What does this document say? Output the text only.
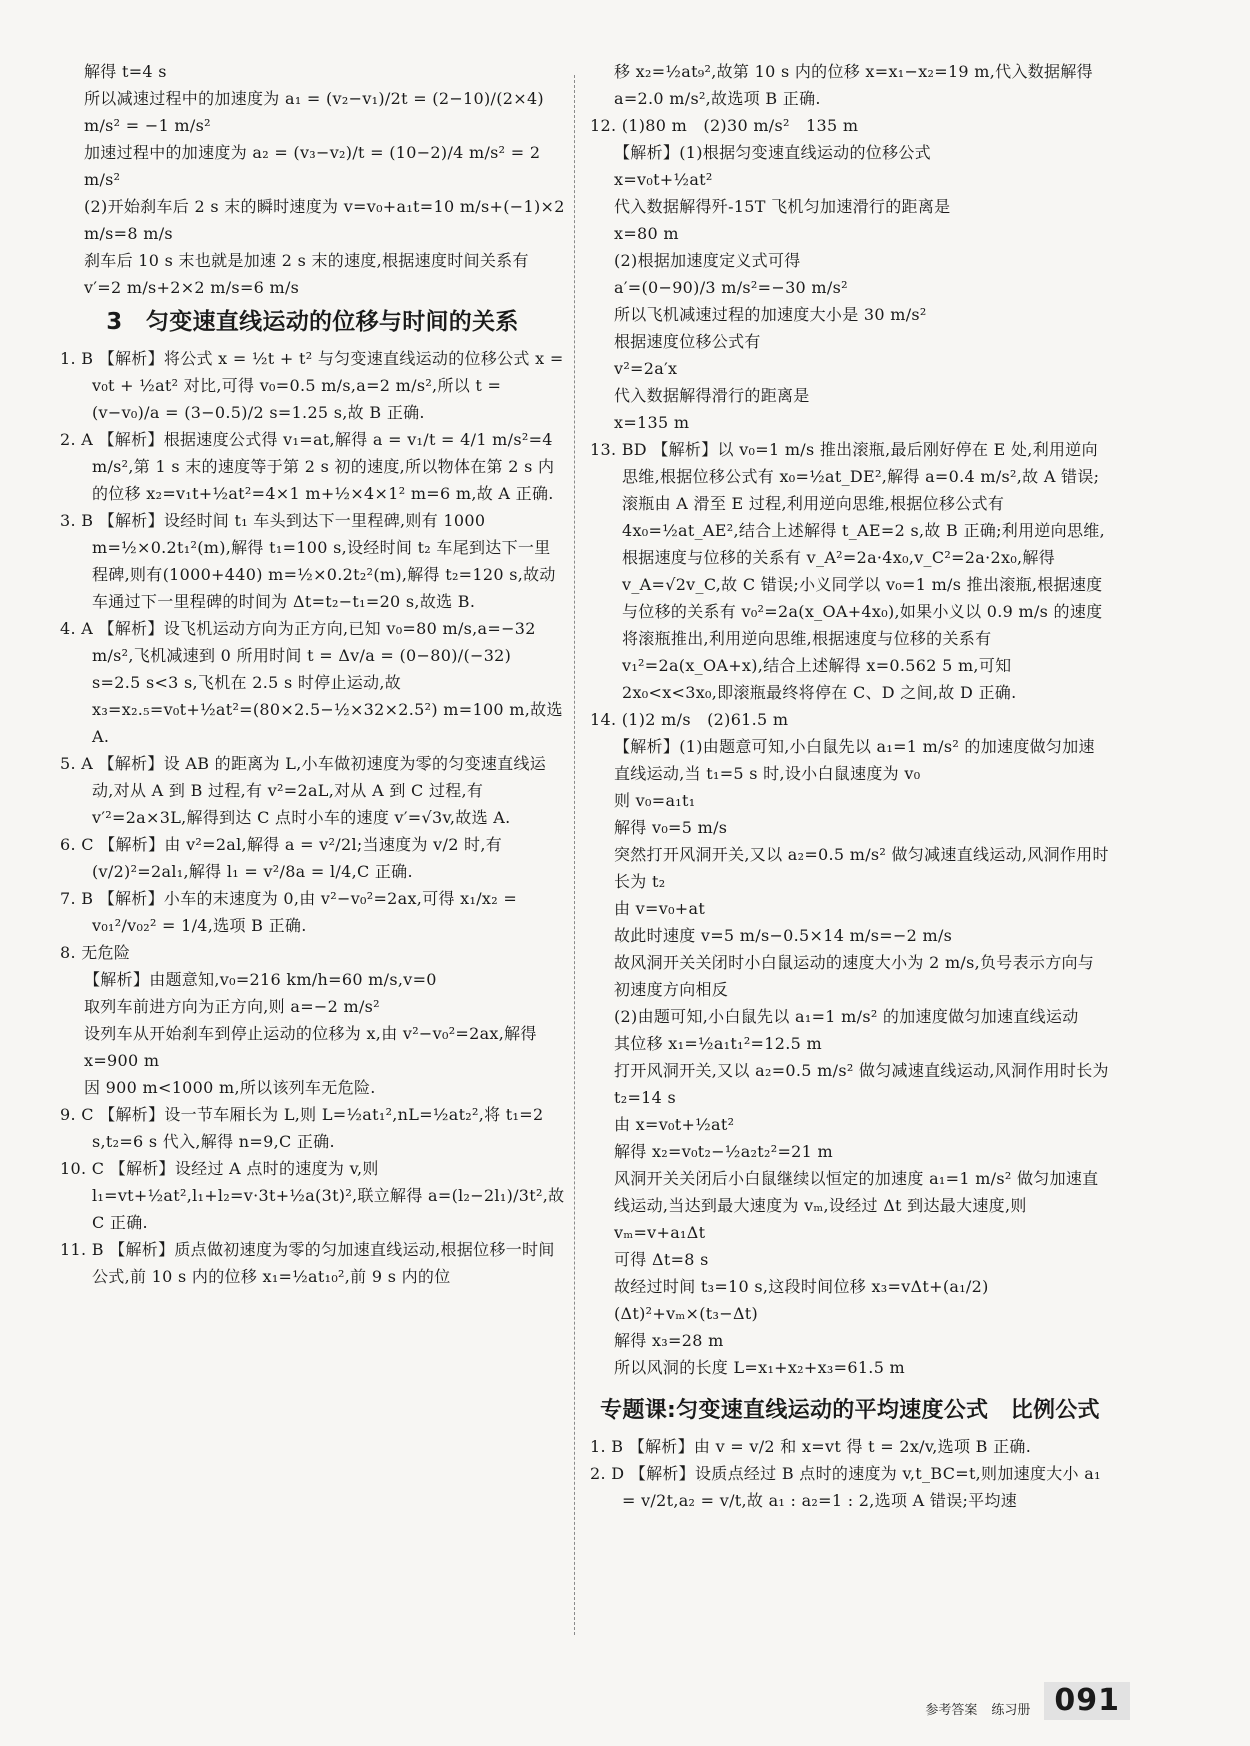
解得 t=4 s
所以减速过程中的加速度为 a₁ = (v₂−v₁)/2t = (2−10)/(2×4) m/s² = −1 m/s²
加速过程中的加速度为 a₂ = (v₃−v₂)/t = (10−2)/4 m/s² = 2 m/s²
(2)开始刹车后 2 s 末的瞬时速度为 v=v₀+a₁t=10 m/s+(−1)×2 m/s=8 m/s
刹车后 10 s 末也就是加速 2 s 末的速度,根据速度时间关系有 v′=2 m/s+2×2 m/s=6 m/s
3　匀变速直线运动的位移与时间的关系
1. B 【解析】将公式 x = ½t + t² 与匀变速直线运动的位移公式 x = v₀t + ½at² 对比,可得 v₀=0.5 m/s,a=2 m/s²,所以 t = (v−v₀)/a = (3−0.5)/2 s=1.25 s,故 B 正确.
2. A 【解析】根据速度公式得 v₁=at,解得 a = v₁/t = 4/1 m/s²=4 m/s²,第 1 s 末的速度等于第 2 s 初的速度,所以物体在第 2 s 内的位移 x₂=v₁t+½at²=4×1 m+½×4×1² m=6 m,故 A 正确.
3. B 【解析】设经时间 t₁ 车头到达下一里程碑,则有 1000 m=½×0.2t₁²(m),解得 t₁=100 s,设经时间 t₂ 车尾到达下一里程碑,则有(1000+440) m=½×0.2t₂²(m),解得 t₂=120 s,故动车通过下一里程碑的时间为 Δt=t₂−t₁=20 s,故选 B.
4. A 【解析】设飞机运动方向为正方向,已知 v₀=80 m/s,a=−32 m/s²,飞机减速到 0 所用时间 t = Δv/a = (0−80)/(−32) s=2.5 s<3 s,飞机在 2.5 s 时停止运动,故 x₃=x₂.₅=v₀t+½at²=(80×2.5−½×32×2.5²) m=100 m,故选 A.
5. A 【解析】设 AB 的距离为 L,小车做初速度为零的匀变速直线运动,对从 A 到 B 过程,有 v²=2aL,对从 A 到 C 过程,有 v′²=2a×3L,解得到达 C 点时小车的速度 v′=√3v,故选 A.
6. C 【解析】由 v²=2al,解得 a = v²/2l;当速度为 v/2 时,有 (v/2)²=2al₁,解得 l₁ = v²/8a = l/4,C 正确.
7. B 【解析】小车的末速度为 0,由 v²−v₀²=2ax,可得 x₁/x₂ = v₀₁²/v₀₂² = 1/4,选项 B 正确.
8. 无危险
【解析】由题意知,v₀=216 km/h=60 m/s,v=0
取列车前进方向为正方向,则 a=−2 m/s²
设列车从开始刹车到停止运动的位移为 x,由 v²−v₀²=2ax,解得 x=900 m
因 900 m<1000 m,所以该列车无危险.
9. C 【解析】设一节车厢长为 L,则 L=½at₁²,nL=½at₂²,将 t₁=2 s,t₂=6 s 代入,解得 n=9,C 正确.
10. C 【解析】设经过 A 点时的速度为 v,则 l₁=vt+½at²,l₁+l₂=v·3t+½a(3t)²,联立解得 a=(l₂−2l₁)/3t²,故 C 正确.
11. B 【解析】质点做初速度为零的匀加速直线运动,根据位移一时间公式,前 10 s 内的位移 x₁=½at₁₀²,前 9 s 内的位
移 x₂=½at₉²,故第 10 s 内的位移 x=x₁−x₂=19 m,代入数据解得 a=2.0 m/s²,故选项 B 正确.
12. (1)80 m　(2)30 m/s²　135 m
【解析】(1)根据匀变速直线运动的位移公式
x=v₀t+½at²
代入数据解得歼-15T 飞机匀加速滑行的距离是
x=80 m
(2)根据加速度定义式可得
a′=(0−90)/3 m/s²=−30 m/s²
所以飞机减速过程的加速度大小是 30 m/s²
根据速度位移公式有
v²=2a′x
代入数据解得滑行的距离是
x=135 m
13. BD 【解析】以 v₀=1 m/s 推出滚瓶,最后刚好停在 E 处,利用逆向思维,根据位移公式有 x₀=½at_DE²,解得 a=0.4 m/s²,故 A 错误;滚瓶由 A 滑至 E 过程,利用逆向思维,根据位移公式有 4x₀=½at_AE²,结合上述解得 t_AE=2 s,故 B 正确;利用逆向思维,根据速度与位移的关系有 v_A²=2a·4x₀,v_C²=2a·2x₀,解得 v_A=√2v_C,故 C 错误;小义同学以 v₀=1 m/s 推出滚瓶,根据速度与位移的关系有 v₀²=2a(x_OA+4x₀),如果小义以 0.9 m/s 的速度将滚瓶推出,利用逆向思维,根据速度与位移的关系有 v₁²=2a(x_OA+x),结合上述解得 x=0.562 5 m,可知 2x₀<x<3x₀,即滚瓶最终将停在 C、D 之间,故 D 正确.
14. (1)2 m/s　(2)61.5 m
【解析】(1)由题意可知,小白鼠先以 a₁=1 m/s² 的加速度做匀加速直线运动,当 t₁=5 s 时,设小白鼠速度为 v₀
则 v₀=a₁t₁
解得 v₀=5 m/s
突然打开风洞开关,又以 a₂=0.5 m/s² 做匀减速直线运动,风洞作用时长为 t₂
由 v=v₀+at
故此时速度 v=5 m/s−0.5×14 m/s=−2 m/s
故风洞开关关闭时小白鼠运动的速度大小为 2 m/s,负号表示方向与初速度方向相反
(2)由题可知,小白鼠先以 a₁=1 m/s² 的加速度做匀加速直线运动
其位移 x₁=½a₁t₁²=12.5 m
打开风洞开关,又以 a₂=0.5 m/s² 做匀减速直线运动,风洞作用时长为 t₂=14 s
由 x=v₀t+½at²
解得 x₂=v₀t₂−½a₂t₂²=21 m
风洞开关关闭后小白鼠继续以恒定的加速度 a₁=1 m/s² 做匀加速直线运动,当达到最大速度为 vₘ,设经过 Δt 到达最大速度,则 vₘ=v+a₁Δt
可得 Δt=8 s
故经过时间 t₃=10 s,这段时间位移 x₃=vΔt+(a₁/2)(Δt)²+vₘ×(t₃−Δt)
解得 x₃=28 m
所以风洞的长度 L=x₁+x₂+x₃=61.5 m
专题课:匀变速直线运动的平均速度公式　比例公式
1. B 【解析】由 v = v/2 和 x=vt 得 t = 2x/v,选项 B 正确.
2. D 【解析】设质点经过 B 点时的速度为 v,t_BC=t,则加速度大小 a₁ = v/2t,a₂ = v/t,故 a₁ : a₂=1 : 2,选项 A 错误;平均速
参考答案 练习册 091
